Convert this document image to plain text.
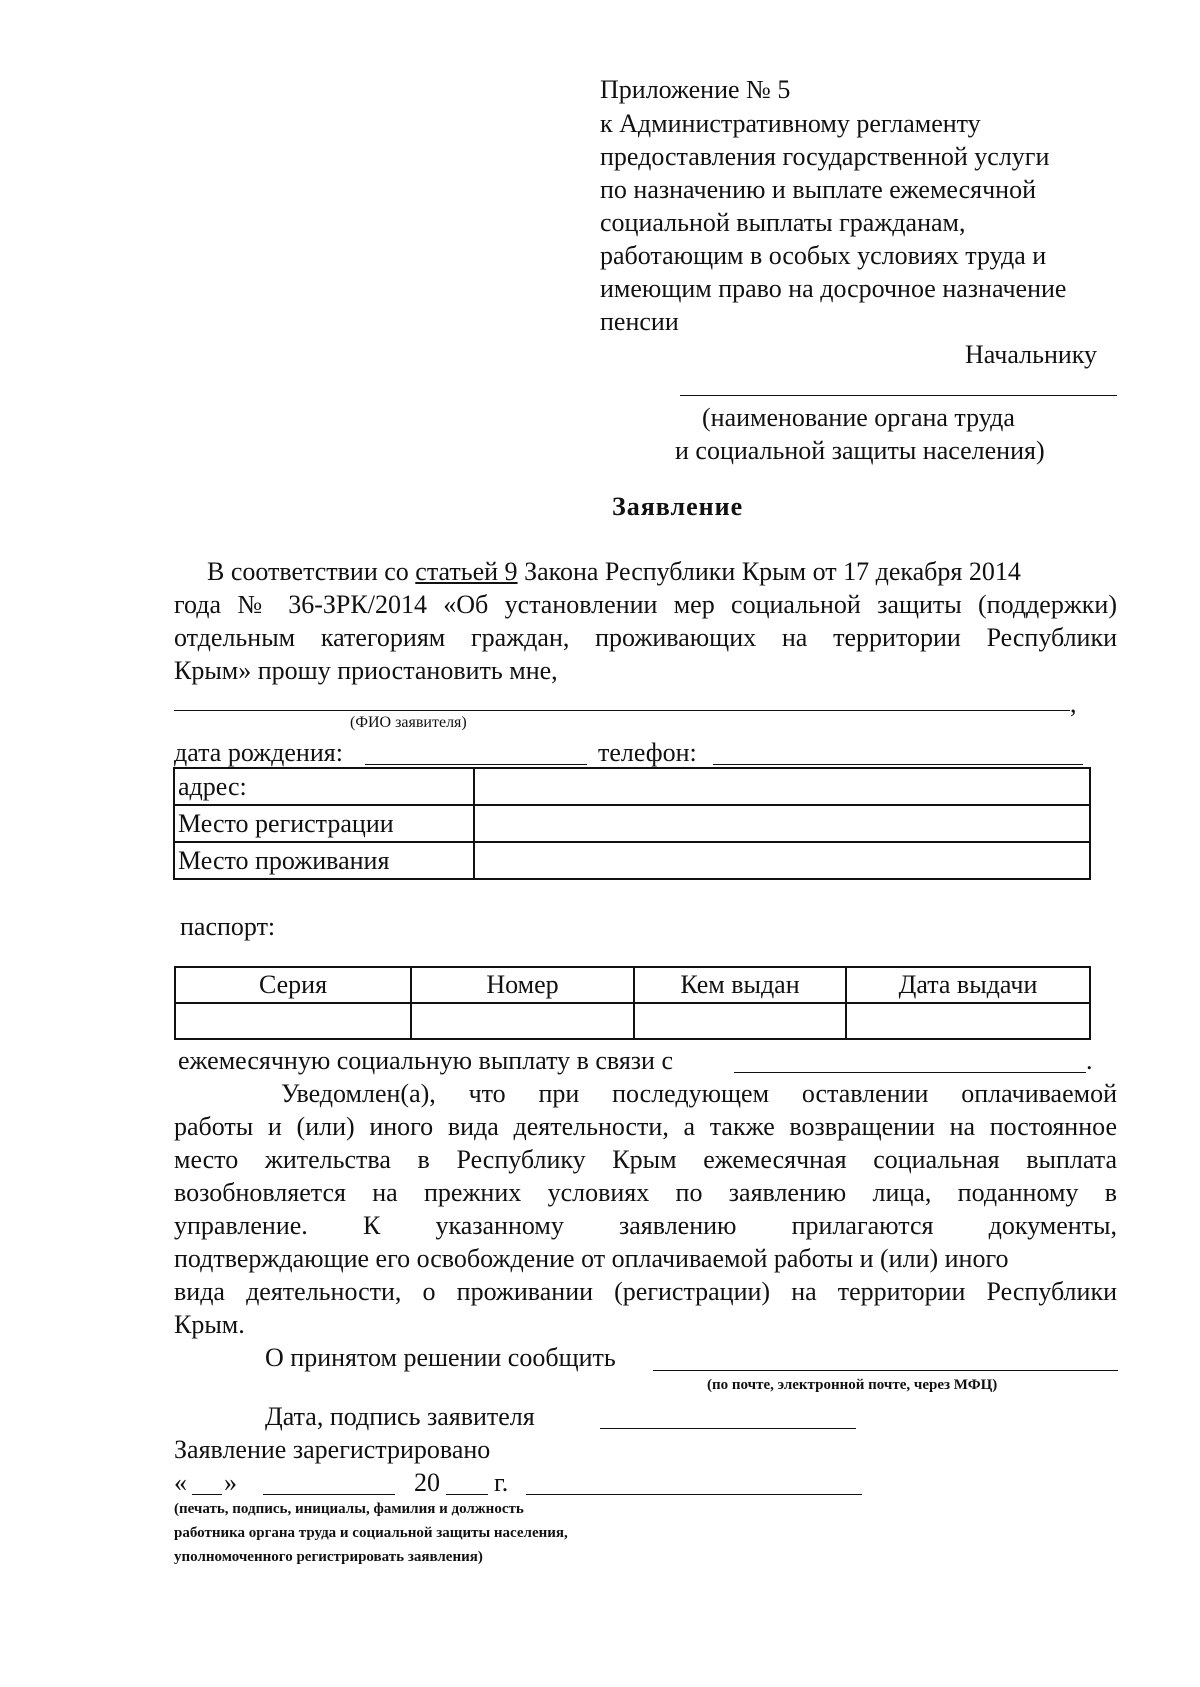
Приложение № 5
к Административному регламенту
предоставления государственной услуги
по назначению и выплате ежемесячной
социальной выплаты гражданам,
работающим в особых условиях труда и
имеющим право на досрочное назначение
пенсии
Начальнику
(наименование органа труда
и социальной защиты населения)
Заявление
В соответствии со статьей 9 Закона Республики Крым от 17 декабря 2014
года № 36-ЗРК/2014 «Об установлении мер социальной защиты (поддержки)
отдельным категориям граждан, проживающих на территории Республики
Крым» прошу приостановить мне,
,
(ФИО заявителя)
дата рождения:	телефон:
адрес:	
Место регистрации	
Место проживания	
паспорт:
Серия	Номер	Кем выдан	Дата выдачи

ежемесячную социальную выплату в связи с	.
Уведомлен(а), что при последующем оставлении оплачиваемой
работы и (или) иного вида деятельности, а также возвращении на постоянное
место жительства в Республику Крым ежемесячная социальная выплата
возобновляется на прежних условиях по заявлению лица, поданному в
управление. К указанному заявлению прилагаются документы,
подтверждающие его освобождение от оплачиваемой работы и (или) иного
вида деятельности, о проживании (регистрации) на территории Республики
Крым.
О принятом решении сообщить
(по почте, электронной почте, через МФЦ)
Дата, подпись заявителя
Заявление зарегистрировано
« »	20 г.
(печать, подпись, инициалы, фамилия и должность
работника органа труда и социальной защиты населения,
уполномоченного регистрировать заявления)
